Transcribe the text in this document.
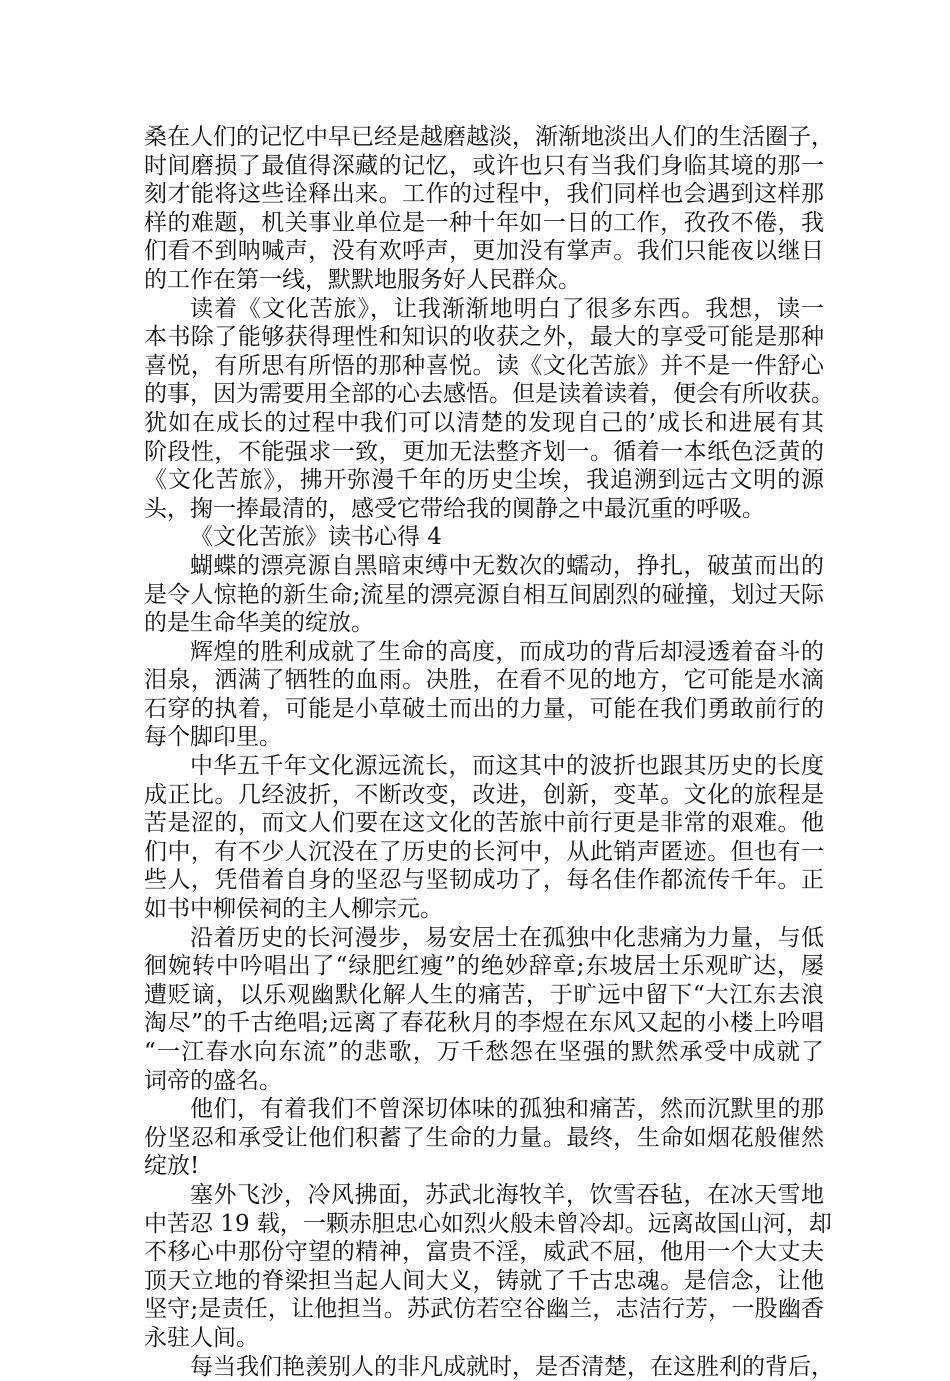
桑在人们的记忆中早已经是越磨越淡，渐渐地淡出人们的生活圈子，
时间磨损了最值得深藏的记忆，或许也只有当我们身临其境的那一
刻才能将这些诠释出来。工作的过程中，我们同样也会遇到这样那
样的难题，机关事业单位是一种十年如一日的工作，孜孜不倦，我
们看不到呐喊声，没有欢呼声，更加没有掌声。我们只能夜以继日
的工作在第一线，默默地服务好人民群众。
读着《文化苦旅》，让我渐渐地明白了很多东西。我想，读一
本书除了能够获得理性和知识的收获之外，最大的享受可能是那种
喜悦，有所思有所悟的那种喜悦。读《文化苦旅》并不是一件舒心
的事，因为需要用全部的心去感悟。但是读着读着，便会有所收获。
犹如在成长的过程中我们可以清楚的发现自己的’成长和进展有其
阶段性，不能强求一致，更加无法整齐划一。循着一本纸色泛黄的
《文化苦旅》，拂开弥漫千年的历史尘埃，我追溯到远古文明的源
头，掬一捧最清的，感受它带给我的阒静之中最沉重的呼吸。
《文化苦旅》读书心得 4
蝴蝶的漂亮源自黑暗束缚中无数次的蠕动，挣扎，破茧而出的
是令人惊艳的新生命;流星的漂亮源自相互间剧烈的碰撞，划过天际
的是生命华美的绽放。
辉煌的胜利成就了生命的高度，而成功的背后却浸透着奋斗的
泪泉，洒满了牺牲的血雨。决胜，在看不见的地方，它可能是水滴
石穿的执着，可能是小草破土而出的力量，可能在我们勇敢前行的
每个脚印里。
中华五千年文化源远流长，而这其中的波折也跟其历史的长度
成正比。几经波折，不断改变，改进，创新，变革。文化的旅程是
苦是涩的，而文人们要在这文化的苦旅中前行更是非常的艰难。他
们中，有不少人沉没在了历史的长河中，从此销声匿迹。但也有一
些人，凭借着自身的坚忍与坚韧成功了，每名佳作都流传千年。正
如书中柳侯祠的主人柳宗元。
沿着历史的长河漫步，易安居士在孤独中化悲痛为力量，与低
徊婉转中吟唱出了“绿肥红瘦”的绝妙辞章;东坡居士乐观旷达，屡
遭贬谪，以乐观幽默化解人生的痛苦，于旷远中留下“大江东去浪
淘尽”的千古绝唱;远离了春花秋月的李煜在东风又起的小楼上吟唱
“一江春水向东流”的悲歌，万千愁怨在坚强的默然承受中成就了
词帝的盛名。
他们，有着我们不曾深切体味的孤独和痛苦，然而沉默里的那
份坚忍和承受让他们积蓄了生命的力量。最终，生命如烟花般催然
绽放!
塞外飞沙，冷风拂面，苏武北海牧羊，饮雪吞毡，在冰天雪地
中苦忍 19 载，一颗赤胆忠心如烈火般未曾冷却。远离故国山河，却
不移心中那份守望的精神，富贵不淫，威武不屈，他用一个大丈夫
顶天立地的脊梁担当起人间大义，铸就了千古忠魂。是信念，让他
坚守;是责任，让他担当。苏武仿若空谷幽兰，志洁行芳，一股幽香
永驻人间。
每当我们艳羡别人的非凡成就时，是否清楚，在这胜利的背后，
